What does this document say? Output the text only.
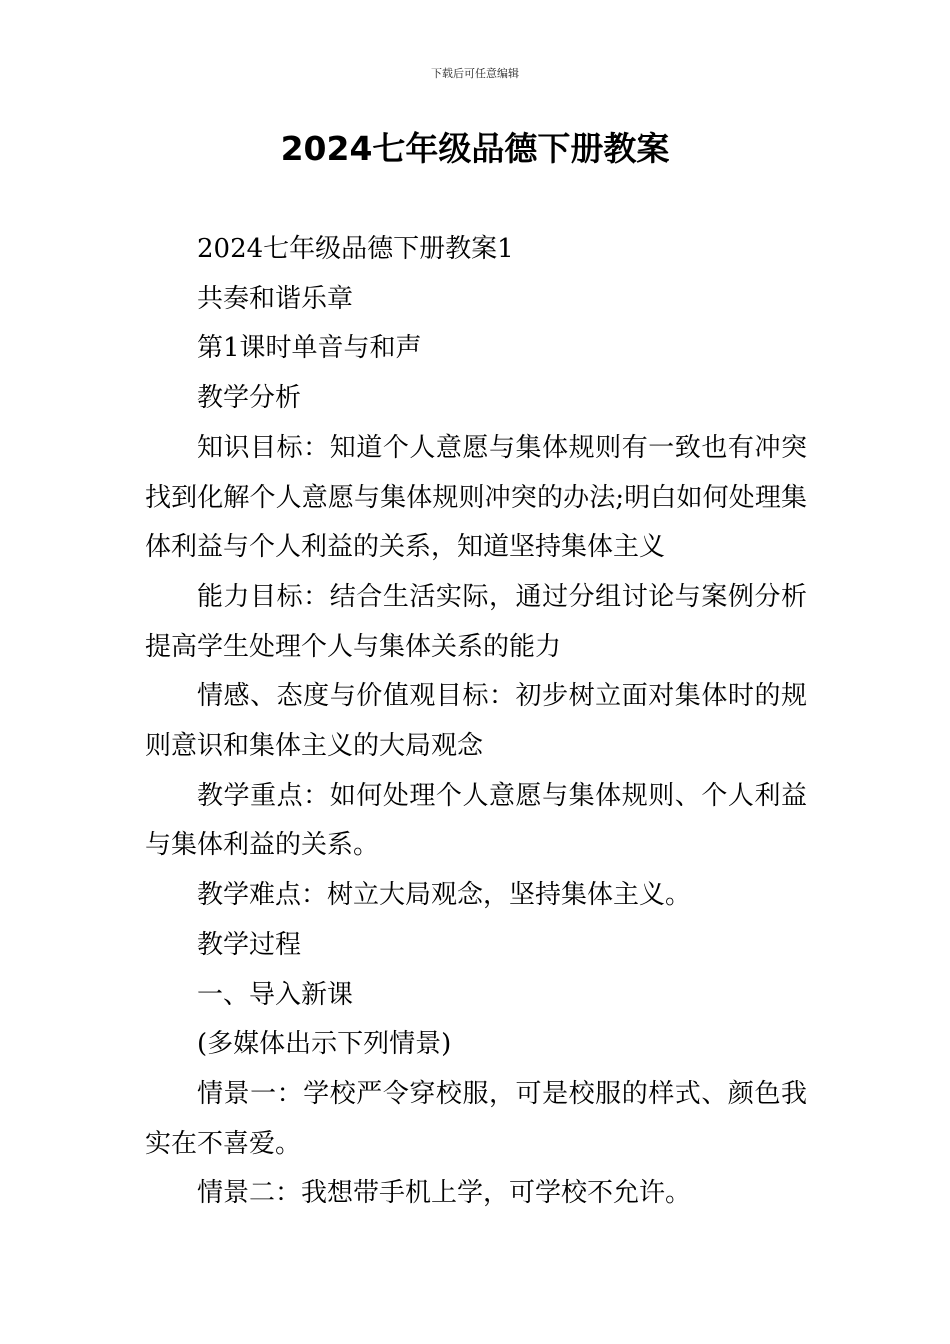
下载后可任意编辑
2024七年级品德下册教案

2024七年级品德下册教案1

共奏和谐乐章

第1课时单音与和声

教学分析

知识目标：知道个人意愿与集体规则有一致也有冲突找到化解个人意愿与集体规则冲突的办法;明白如何处理集体利益与个人利益的关系，知道坚持集体主义

能力目标：结合生活实际，通过分组讨论与案例分析提高学生处理个人与集体关系的能力

情感、态度与价值观目标：初步树立面对集体时的规则意识和集体主义的大局观念

教学重点：如何处理个人意愿与集体规则、个人利益与集体利益的关系。

教学难点：树立大局观念，坚持集体主义。

教学过程

一、导入新课

(多媒体出示下列情景)

情景一：学校严令穿校服，可是校服的样式、颜色我实在不喜爱。

情景二：我想带手机上学，可学校不允许。
